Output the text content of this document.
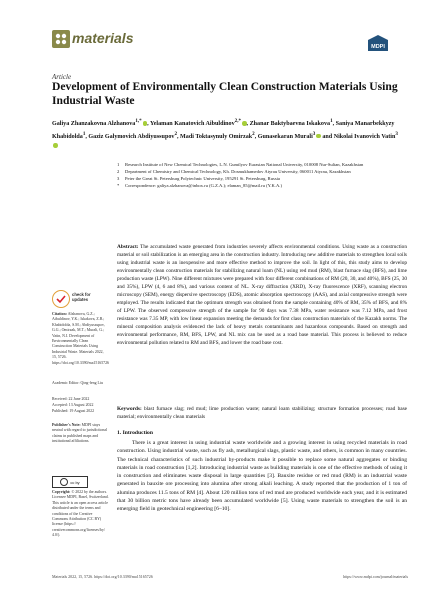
materials
MDPI
Article
Development of Environmentally Clean Construction Materials Using Industrial Waste
Galiya Zhanzakovna Alzhanova$^{1,*}$, Yelaman Kanatovich Aibuldinov$^{2,*}$, Zhanar Baktybaevna Iskakova$^1$, Saniya Manarbekkyzy Khabidolda$^1$, Gaziz Galymovich Abdiyussupov$^2$, Madi Toktasynuly Omirzak$^2$, Gunasekaran Murali$^3$ and Nikolai Ivanovich Vatin$^3$
1	Research Institute of New Chemical Technologies, L.N. Gumilyov Eurasian National University, 010008 Nur-Sultan, Kazakhstan
2	Department of Chemistry and Chemical Technology, Kh. Dosmukhamedov Atyrau University, 060011 Atyrau, Kazakhstan
3	Peter the Great St. Petersburg Polytechnic University, 195291 St. Petersburg, Russia
*	Correspondence: galiya.alzhanova@inbox.ru (G.Z.A.); elaman_85@mail.ru (Y.K.A.)
check for updates
Citation: Alzhanova, G.Z.; Aibuldinov, Y.K.; Iskakova, Z.B.; Khabidolda, S.M.; Abdiyussupov, G.G.; Omirzak, M.T.; Murali, G.; Vatin, N.I. Development of Environmentally Clean Construction Materials Using Industrial Waste. Materials 2022, 15, 5726. https://doi.org/10.3390/ma15165726
Academic Editor: Qing-feng Liu
Received: 22 June 2022
Accepted: 13 August 2022
Published: 19 August 2022
Publisher's Note: MDPI stays neutral with regard to jurisdictional claims in published maps and institutional affiliations.
cc by
Copyright: © 2022 by the authors. Licensee MDPI, Basel, Switzerland. This article is an open access article distributed under the terms and conditions of the Creative Commons Attribution (CC BY) license (https:// creativecommons.org/licenses/by/ 4.0/).
Abstract: The accumulated waste generated from industries severely affects environmental conditions. Using waste as a construction material or soil stabilization is an emerging area in the construction industry. Introducing new additive materials to strengthen local soils using industrial waste is an inexpensive and more effective method to improve the soil. In light of this, this study aims to develop environmentally clean construction materials for stabilizing natural loam (NL) using red mud (RM), blast furnace slag (BFS), and lime production waste (LPW). Nine different mixtures were prepared with four different combinations of RM (20, 30, and 40%), BFS (25, 30 and 35%), LPW (4, 6 and 8%), and various content of NL. X-ray diffraction (XRD), X-ray fluorescence (XRF), scanning electron microscopy (SEM), energy dispersive spectroscopy (EDS), atomic absorption spectroscopy (AAS), and axial compressive strength were employed. The results indicated that the optimum strength was obtained from the sample containing 40% of RM, 35% of BFS, and 8% of LPW. The observed compressive strength of the sample for 90 days was 7.38 MPa, water resistance was 7.12 MPa, and frost resistance was 7.35 MP, with low linear expansion meeting the demands for first class construction materials of the Kazakh norms. The mineral composition analysis evidenced the lack of heavy metals contaminants and hazardous compounds. Based on strength and environmental performance, RM, BFS, LPW, and NL mix can be used as a road base material. This process is believed to reduce environmental pollution related to RM and BFS, and lower the road base cost.
Keywords: blast furnace slag; red mud; lime production waste; natural loam stabilizing; structure formation processes; road base material; environmentally clean materials
1. Introduction
There is a great interest in using industrial waste worldwide and a growing interest in using recycled materials in road construction. Using industrial waste, such as fly ash, metallurgical slags, plastic waste, and others, is common in many countries. The technical characteristics of such industrial by-products make it possible to replace some natural aggregates or binding materials in road construction [1,2]. Introducing industrial waste as building materials is one of the effective methods of using it in construction and eliminates waste disposal in large quantities [3]. Bauxite residue or red mud (RM) is an industrial waste generated in bauxite ore processing into alumina after strong alkali leaching. A study reported that the production of 1 ton of alumina produces 11.5 tons of RM [4]. About 120 million tons of red mud are produced worldwide each year, and it is estimated that 30 billion metric tons have already been accumulated worldwide [5]. Using waste materials to strengthen the soil is an emerging field in geotechnical engineering [6–10].
Materials 2022, 15, 5726. https://doi.org/10.3390/ma15165726	https://www.mdpi.com/journal/materials
